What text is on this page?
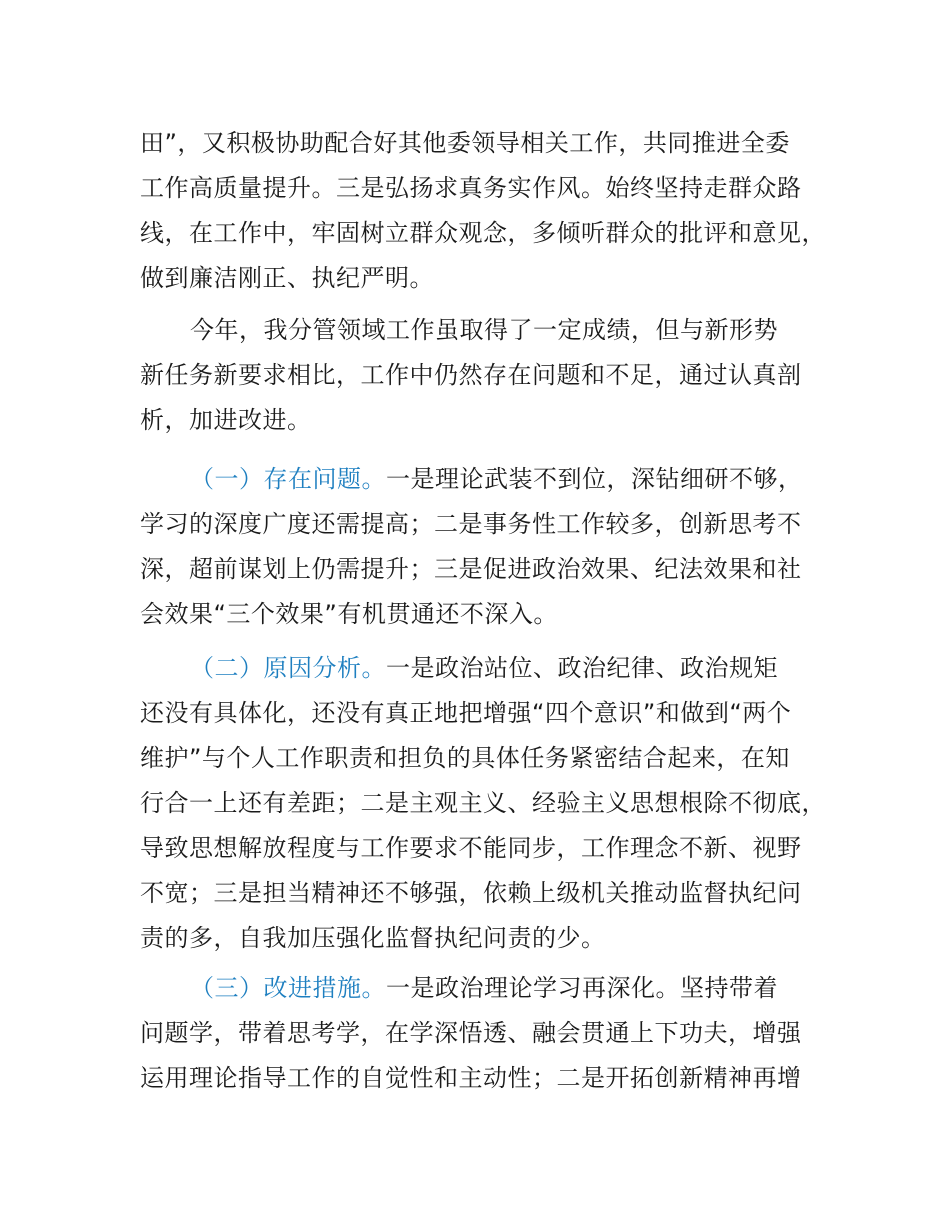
田”，又积极协助配合好其他委领导相关工作，共同推进全委
工作高质量提升。三是弘扬求真务实作风。始终坚持走群众路
线，在工作中，牢固树立群众观念，多倾听群众的批评和意见，
做到廉洁刚正、执纪严明。
今年，我分管领域工作虽取得了一定成绩，但与新形势
新任务新要求相比，工作中仍然存在问题和不足，通过认真剖
析，加进改进。
（一）存在问题。一是理论武装不到位，深钻细研不够，
学习的深度广度还需提高；二是事务性工作较多，创新思考不
深，超前谋划上仍需提升；三是促进政治效果、纪法效果和社
会效果“三个效果”有机贯通还不深入。
（二）原因分析。一是政治站位、政治纪律、政治规矩
还没有具体化，还没有真正地把增强“四个意识”和做到“两个
维护”与个人工作职责和担负的具体任务紧密结合起来，在知
行合一上还有差距；二是主观主义、经验主义思想根除不彻底，
导致思想解放程度与工作要求不能同步，工作理念不新、视野
不宽；三是担当精神还不够强，依赖上级机关推动监督执纪问
责的多，自我加压强化监督执纪问责的少。
（三）改进措施。一是政治理论学习再深化。坚持带着
问题学，带着思考学，在学深悟透、融会贯通上下功夫，增强
运用理论指导工作的自觉性和主动性；二是开拓创新精神再增
